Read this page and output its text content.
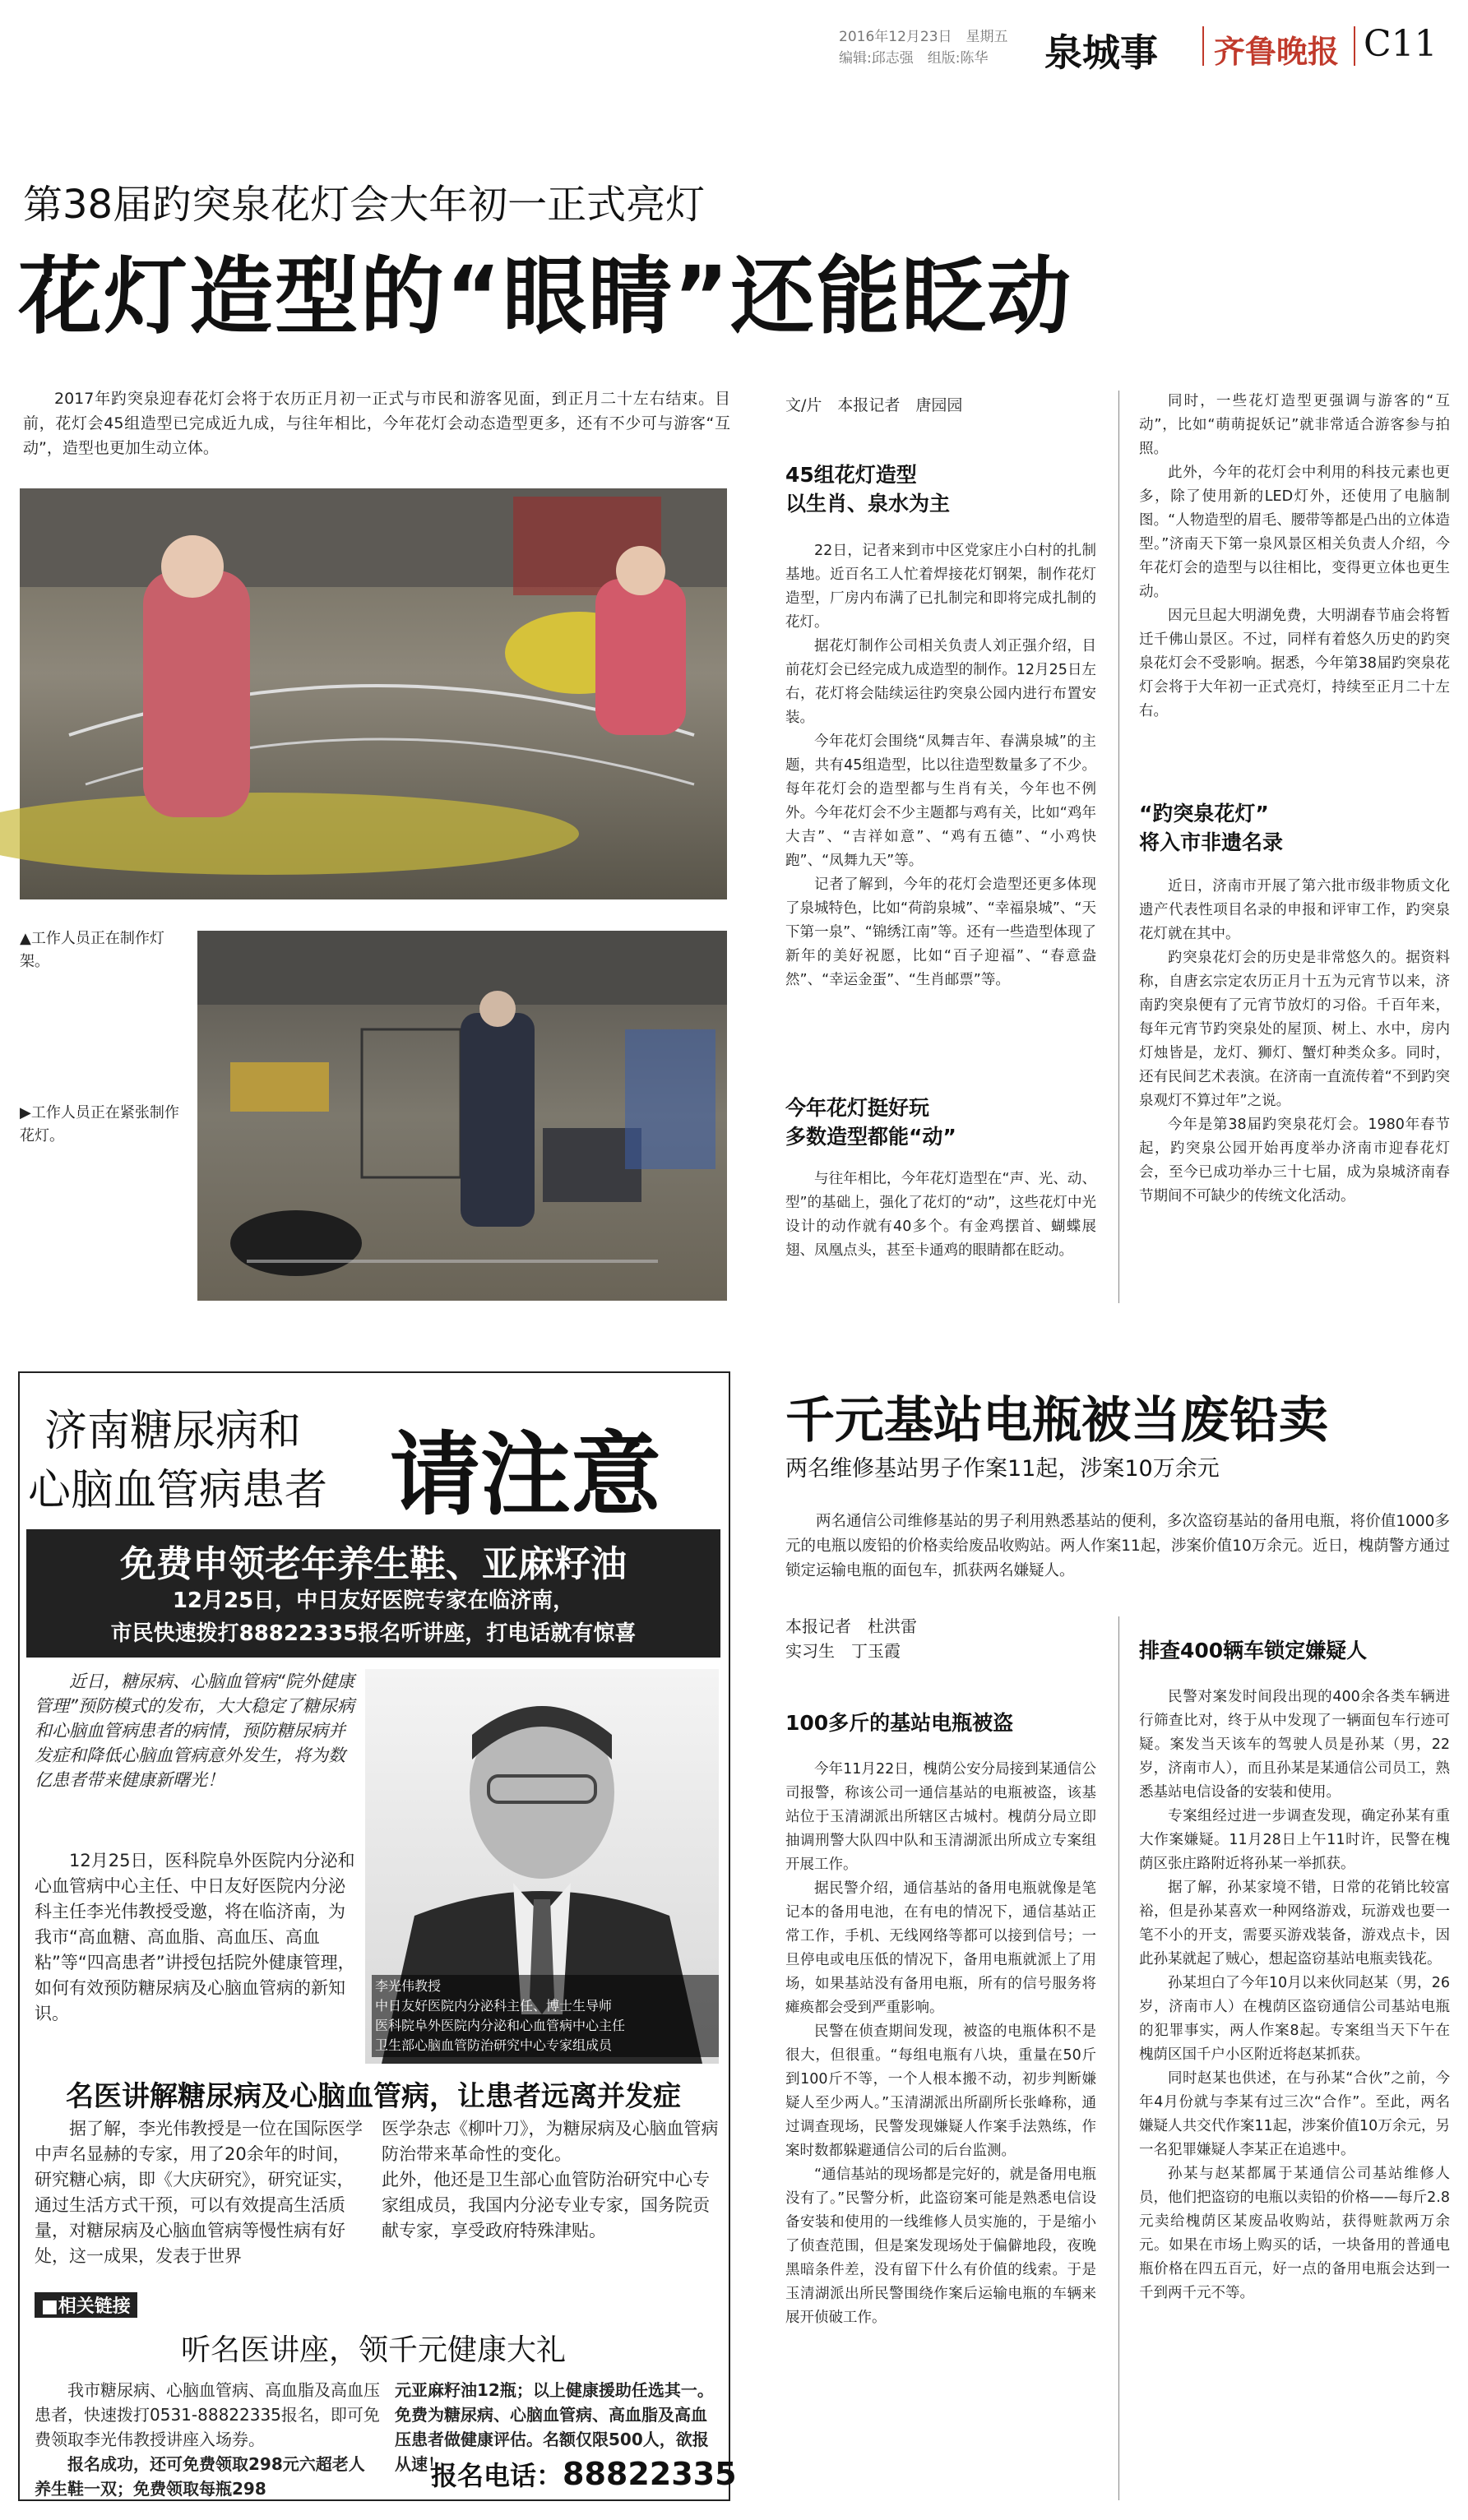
2016年12月23日　星期五
编辑:邱志强　组版:陈华 泉城事 齐鲁晚报 C11
第38届趵突泉花灯会大年初一正式亮灯
花灯造型的“眼睛”还能眨动

2017年趵突泉迎春花灯会将于农历正月初一正式与市民和游客见面，到正月二十左右结束。目前，花灯会45组造型已完成近九成，与往年相比，今年花灯会动态造型更多，还有不少可与游客“互动”，造型也更加生动立体。

▲工作人员正在制作灯架。
▶工作人员正在紧张制作花灯。
文/片　本报记者　唐园园
45组花灯造型
以生肖、泉水为主

22日，记者来到市中区党家庄小白村的扎制基地。近百名工人忙着焊接花灯钢架，制作花灯造型，厂房内布满了已扎制完和即将完成扎制的花灯。

据花灯制作公司相关负责人刘正强介绍，目前花灯会已经完成九成造型的制作。12月25日左右，花灯将会陆续运往趵突泉公园内进行布置安装。

今年花灯会围绕“凤舞吉年、春满泉城”的主题，共有45组造型，比以往造型数量多了不少。每年花灯会的造型都与生肖有关，今年也不例外。今年花灯会不少主题都与鸡有关，比如“鸡年大吉”、“吉祥如意”、“鸡有五德”、“小鸡快跑”、“凤舞九天”等。

记者了解到，今年的花灯会造型还更多体现了泉城特色，比如“荷韵泉城”、“幸福泉城”、“天下第一泉”、“锦绣江南”等。还有一些造型体现了新年的美好祝愿，比如“百子迎福”、“春意盎然”、“幸运金蛋”、“生肖邮票”等。

今年花灯挺好玩
多数造型都能“动”

与往年相比，今年花灯造型在“声、光、动、型”的基础上，强化了花灯的“动”，这些花灯中光设计的动作就有40多个。有金鸡摆首、蝴蝶展翅、凤凰点头，甚至卡通鸡的眼睛都在眨动。

同时，一些花灯造型更强调与游客的“互动”，比如“萌萌捉妖记”就非常适合游客参与拍照。

此外，今年的花灯会中利用的科技元素也更多，除了使用新的LED灯外，还使用了电脑制图。“人物造型的眉毛、腰带等都是凸出的立体造型。”济南天下第一泉风景区相关负责人介绍，今年花灯会的造型与以往相比，变得更立体也更生动。

因元旦起大明湖免费，大明湖春节庙会将暂迁千佛山景区。不过，同样有着悠久历史的趵突泉花灯会不受影响。据悉，今年第38届趵突泉花灯会将于大年初一正式亮灯，持续至正月二十左右。

“趵突泉花灯”
将入市非遗名录

近日，济南市开展了第六批市级非物质文化遗产代表性项目名录的申报和评审工作，趵突泉花灯就在其中。

趵突泉花灯会的历史是非常悠久的。据资料称，自唐玄宗定农历正月十五为元宵节以来，济南趵突泉便有了元宵节放灯的习俗。千百年来，每年元宵节趵突泉处的屋顶、树上、水中，房内灯烛皆是，龙灯、狮灯、蟹灯种类众多。同时，还有民间艺术表演。在济南一直流传着“不到趵突泉观灯不算过年”之说。

今年是第38届趵突泉花灯会。1980年春节起，趵突泉公园开始再度举办济南市迎春花灯会，至今已成功举办三十七届，成为泉城济南春节期间不可缺少的传统文化活动。

济南糖尿病和
心脑血管病患者 请注意
免费申领老年养生鞋、亚麻籽油
12月25日，中日友好医院专家在临济南，
市民快速拨打88822335报名听讲座，打电话就有惊喜

近日，糖尿病、心脑血管病“院外健康管理”预防模式的发布，大大稳定了糖尿病和心脑血管病患者的病情，预防糖尿病并发症和降低心脑血管病意外发生，将为数亿患者带来健康新曙光！

12月25日，医科院阜外医院内分泌和心血管病中心主任、中日友好医院内分泌科主任李光伟教授受邀，将在临济南，为我市“高血糖、高血脂、高血压、高血粘”等“四高患者”讲授包括院外健康管理，如何有效预防糖尿病及心脑血管病的新知识。

李光伟教授
中日友好医院内分泌科主任、博士生导师
医科院阜外医院内分泌和心血管病中心主任
卫生部心脑血管防治研究中心专家组成员
名医讲解糖尿病及心脑血管病，让患者远离并发症

据了解，李光伟教授是一位在国际医学中声名显赫的专家，用了20余年的时间，研究糖心病，即《大庆研究》，研究证实，通过生活方式干预，可以有效提高生活质量，对糖尿病及心脑血管病等慢性病有好处，这一成果，发表于世界

医学杂志《柳叶刀》，为糖尿病及心脑血管病防治带来革命性的变化。
此外，他还是卫生部心血管防治研究中心专家组成员，我国内分泌专业专家，国务院贡献专家，享受政府特殊津贴。
■相关链接
听名医讲座，领千元健康大礼

我市糖尿病、心脑血管病、高血脂及高血压患者，快速拨打0531-88822335报名，即可免费领取李光伟教授讲座入场券。

报名成功，还可免费领取298元六超老人养生鞋一双；免费领取每瓶298

元亚麻籽油12瓶；以上健康援助任选其一。免费为糖尿病、心脑血管病、高血脂及高血压患者做健康评估。名额仅限500人，欲报从速！
报名电话：88822335
千元基站电瓶被当废铅卖
两名维修基站男子作案11起，涉案10万余元

两名通信公司维修基站的男子利用熟悉基站的便利，多次盗窃基站的备用电瓶，将价值1000多元的电瓶以废铅的价格卖给废品收购站。两人作案11起，涉案价值10万余元。近日，槐荫警方通过锁定运输电瓶的面包车，抓获两名嫌疑人。

本报记者　杜洪雷
实习生　丁玉霞
100多斤的基站电瓶被盗

今年11月22日，槐荫公安分局接到某通信公司报警，称该公司一通信基站的电瓶被盗，该基站位于玉清湖派出所辖区古城村。槐荫分局立即抽调刑警大队四中队和玉清湖派出所成立专案组开展工作。

据民警介绍，通信基站的备用电瓶就像是笔记本的备用电池，在有电的情况下，通信基站正常工作，手机、无线网络等都可以接到信号；一旦停电或电压低的情况下，备用电瓶就派上了用场，如果基站没有备用电瓶，所有的信号服务将瘫痪都会受到严重影响。

民警在侦查期间发现，被盗的电瓶体积不是很大，但很重。“每组电瓶有八块，重量在50斤到100斤不等，一个人根本搬不动，初步判断嫌疑人至少两人。”玉清湖派出所副所长张峰称，通过调查现场，民警发现嫌疑人作案手法熟练，作案时数都躲避通信公司的后台监测。

“通信基站的现场都是完好的，就是备用电瓶没有了。”民警分析，此盗窃案可能是熟悉电信设备安装和使用的一线维修人员实施的，于是缩小了侦查范围，但是案发现场处于偏僻地段，夜晚黑暗条件差，没有留下什么有价值的线索。于是玉清湖派出所民警围绕作案后运输电瓶的车辆来展开侦破工作。

排查400辆车锁定嫌疑人

民警对案发时间段出现的400余各类车辆进行筛查比对，终于从中发现了一辆面包车行迹可疑。案发当天该车的驾驶人员是孙某（男，22岁，济南市人），而且孙某是某通信公司员工，熟悉基站电信设备的安装和使用。

专案组经过进一步调查发现，确定孙某有重大作案嫌疑。11月28日上午11时许，民警在槐荫区张庄路附近将孙某一举抓获。

据了解，孙某家境不错，日常的花销比较富裕，但是孙某喜欢一种网络游戏，玩游戏也要一笔不小的开支，需要买游戏装备，游戏点卡，因此孙某就起了贼心，想起盗窃基站电瓶卖钱花。

孙某坦白了今年10月以来伙同赵某（男，26岁，济南市人）在槐荫区盗窃通信公司基站电瓶的犯罪事实，两人作案8起。专案组当天下午在槐荫区国千户小区附近将赵某抓获。

同时赵某也供述，在与孙某“合伙”之前，今年4月份就与李某有过三次“合作”。至此，两名嫌疑人共交代作案11起，涉案价值10万余元，另一名犯罪嫌疑人李某正在追逃中。

孙某与赵某都属于某通信公司基站维修人员，他们把盗窃的电瓶以卖铅的价格——每斤2.8元卖给槐荫区某废品收购站，获得赃款两万余元。如果在市场上购买的话，一块备用的普通电瓶价格在四五百元，好一点的备用电瓶会达到一千到两千元不等。
